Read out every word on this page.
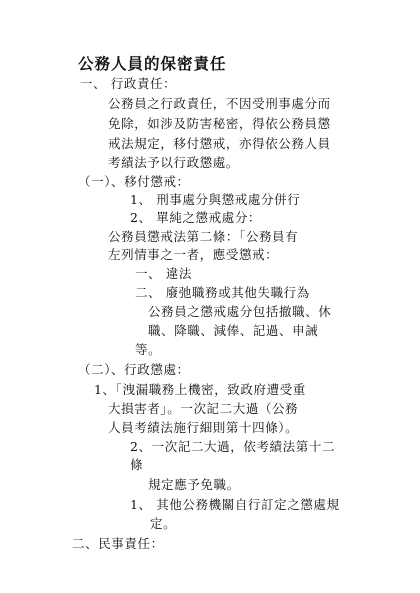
公務人員的保密責任
一、 行政責任：
公務員之行政責任，不因受刑事處分而
免除，如涉及防害秘密，得依公務員懲
戒法規定，移付懲戒，亦得依公務人員
考績法予以行政懲處。
（一）、移付懲戒：
1、 刑事處分與懲戒處分併行
2、 單純之懲戒處分：
公務員懲戒法第二條：「公務員有
左列情事之一者，應受懲戒：
一、 違法
二、 廢弛職務或其他失職行為
公務員之懲戒處分包括撤職、休
職、降職、減俸、記過、申誡
等。
（二）、行政懲處：
1、「洩漏職務上機密，致政府遭受重
大損害者」。一次記二大過（公務
人員考績法施行細則第十四條）。
2、一次記二大過，依考績法第十二
條
規定應予免職。
1、 其他公務機關自行訂定之懲處規
定。
二、民事責任：
